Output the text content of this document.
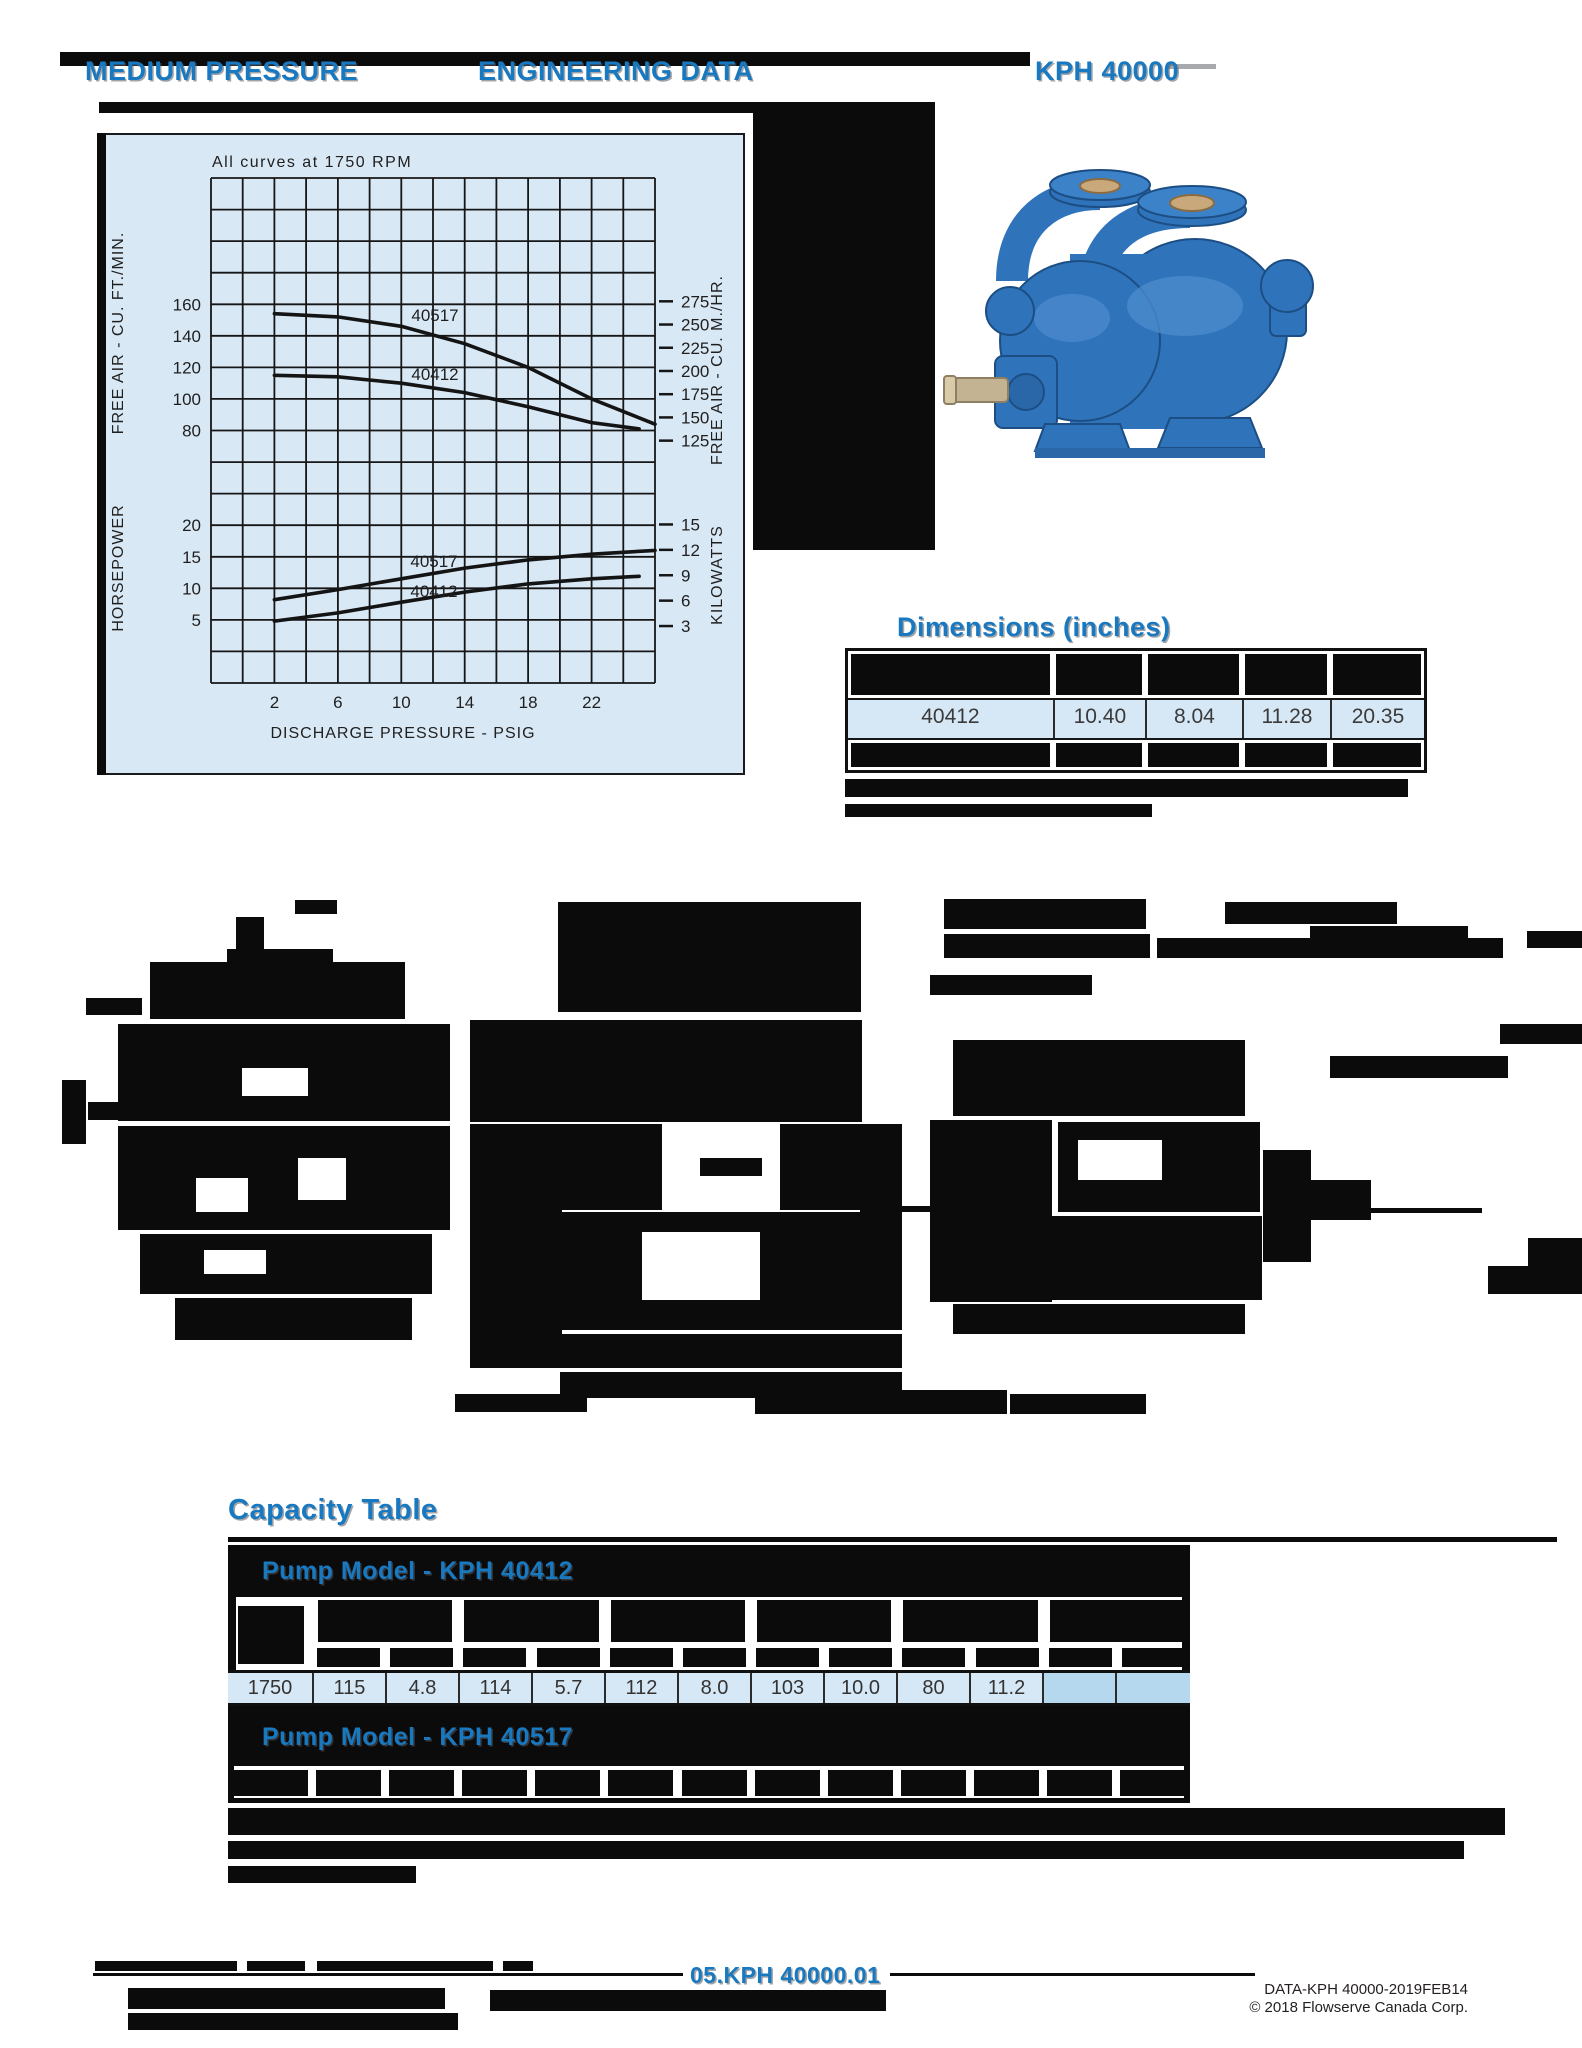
MEDIUM PRESSURE	ENGINEERING DATA	KPH 40000
All curves at 1750 RPM
2	6	10	14	18	22
DISCHARGE PRESSURE - PSIG
160
140
120
100
80
20
15
10
5
275
250
225
200
175
150
125
15
12
9
6
3
FREE AIR - CU. FT./MIN.
HORSEPOWER
FREE AIR - CU. M./HR.
KILOWATTS
40517
40412
40517
40412
Dimensions (inches)
40412	10.40	8.04	11.28	20.35
Capacity Table
Pump Model - KPH 40412
1750	115	4.8	114	5.7	112	8.0	103	10.0	80	11.2
Pump Model - KPH 40517
05.KPH 40000.01
DATA-KPH 40000-2019FEB14
© 2018 Flowserve Canada Corp.
